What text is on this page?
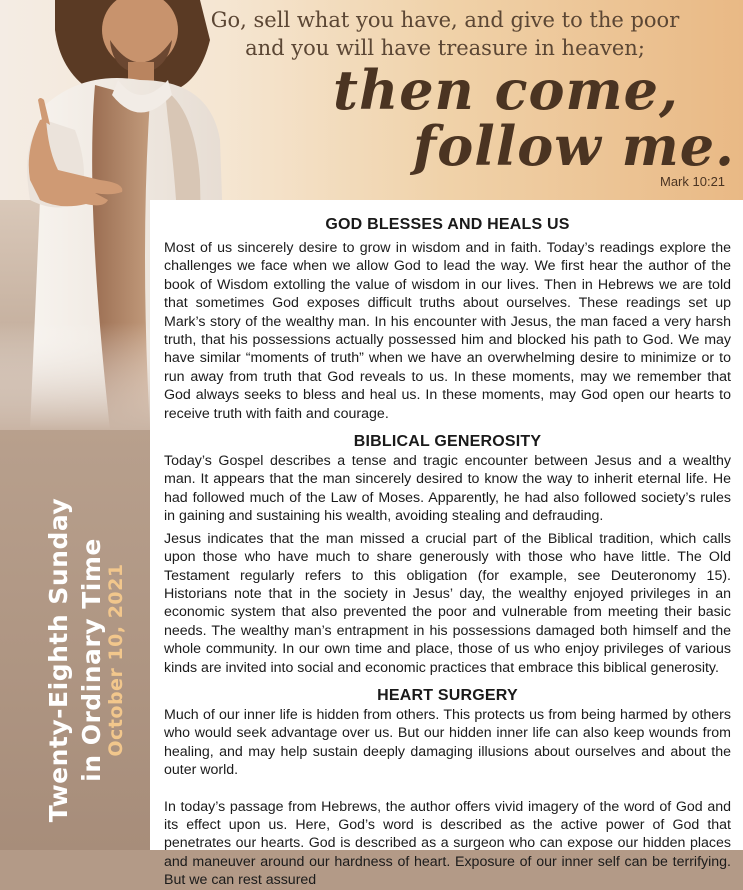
Go, sell what you have, and give to the poor
and you will have treasure in heaven;
then come,
follow me.
Mark 10:21
Twenty-Eighth Sunday in Ordinary Time October 10, 2021
GOD BLESSES AND HEALS US

Most of us sincerely desire to grow in wisdom and in faith. Today’s readings explore the challenges we face when we allow God to lead the way. We first hear the author of the book of Wisdom extolling the value of wisdom in our lives. Then in Hebrews we are told that sometimes God exposes difficult truths about ourselves. These readings set up Mark’s story of the wealthy man. In his encounter with Jesus, the man faced a very harsh truth, that his possessions actually possessed him and blocked his path to God. We may have similar “moments of truth” when we have an overwhelming desire to minimize or to run away from truth that God reveals to us. In these moments, may we remember that God always seeks to bless and heal us. In these moments, may God open our hearts to receive truth with faith and courage.

BIBLICAL GENEROSITY

Today’s Gospel describes a tense and tragic encounter between Jesus and a wealthy man. It appears that the man sincerely desired to know the way to inherit eternal life. He had followed much of the Law of Moses. Apparently, he had also followed society’s rules in gaining and sustaining his wealth, avoiding stealing and defrauding.

Jesus indicates that the man missed a crucial part of the Biblical tradition, which calls upon those who have much to share generously with those who have little. The Old Testament regularly refers to this obligation (for example, see Deuteronomy 15). Historians note that in the society in Jesus’ day, the wealthy enjoyed privileges in an economic system that also prevented the poor and vulnerable from meeting their basic needs. The wealthy man’s entrapment in his possessions damaged both himself and the whole community. In our own time and place, those of us who enjoy privileges of various kinds are invited into social and economic practices that embrace this biblical generosity.

HEART SURGERY

Much of our inner life is hidden from others. This protects us from being harmed by others who would seek advantage over us. But our hidden inner life can also keep wounds from healing, and may help sustain deeply damaging illusions about ourselves and about the outer world.

In today’s passage from Hebrews, the author offers vivid imagery of the word of God and its effect upon us. Here, God’s word is described as the active power of God that penetrates our hearts. God is described as a surgeon who can expose our hidden places and maneuver around our hardness of heart. Exposure of our inner self can be terrifying. But we can rest assured
